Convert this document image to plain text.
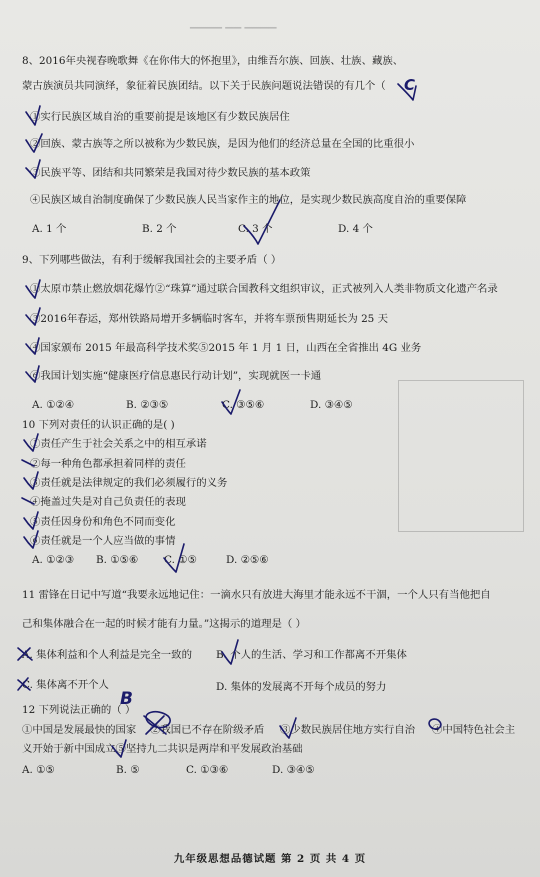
▁▁▁▁ ▁▁ ▁▁▁▁
8、2016年央视春晚歌舞《在你伟大的怀抱里》，由维吾尔族、回族、壮族、藏族、
蒙古族演员共同演绎，象征着民族团结。以下关于民族问题说法错误的有几个（	C
①实行民族区域自治的重要前提是该地区有少数民族居住
②回族、蒙古族等之所以被称为少数民族，是因为他们的经济总量在全国的比重很小
③民族平等、团结和共同繁荣是我国对待少数民族的基本政策
④民族区域自治制度确保了少数民族人民当家作主的地位，是实现少数民族高度自治的重要保障
A. 1 个	B. 2 个	C. 3 个	D. 4 个
9、下列哪些做法，有利于缓解我国社会的主要矛盾（ ）
①太原市禁止燃放烟花爆竹②“珠算”通过联合国教科文组织审议，正式被列入人类非物质文化遗产名录
③2016年春运，郑州铁路局增开多辆临时客车，并将车票预售期延长为 25 天
④国家颁布 2015 年最高科学技术奖⑤2015 年 1 月 1 日，山西在全省推出 4G 业务
⑥我国计划实施“健康医疗信息惠民行动计划”，实现就医一卡通
A. ①②④	B. ②③⑤	C. ③⑤⑥	D. ③④⑤
10 下列对责任的认识正确的是( )
①责任产生于社会关系之中的相互承诺
②每一种角色都承担着同样的责任
③责任就是法律规定的我们必须履行的义务
④掩盖过失是对自己负责任的表现
⑤责任因身份和角色不同而变化
⑥责任就是一个人应当做的事情
A. ①②③ B. ①⑤⑥ C. ①⑤	D. ②⑤⑥
11 雷锋在日记中写道“我要永远地记住：一滴水只有放进大海里才能永远不干涸，一个人只有当他把自
己和集体融合在一起的时候才能有力量。”这揭示的道理是（ ）
A. 集体利益和个人利益是完全一致的 B. 个人的生活、学习和工作都离不开集体
C. 集体离不开个人	D. 集体的发展离不开每个成员的努力
12 下列说法正确的（ ）
B
①中国是发展最快的国家 ②我国已不存在阶级矛盾 ③少数民族居住地方实行自治 ④中国特色社会主
义开始于新中国成立⑤坚持九二共识是两岸和平发展政治基础
A. ①⑤	B. ⑤	C. ①③⑥	D. ③④⑤
九年级思想品德试题 第 2 页 共 4 页
